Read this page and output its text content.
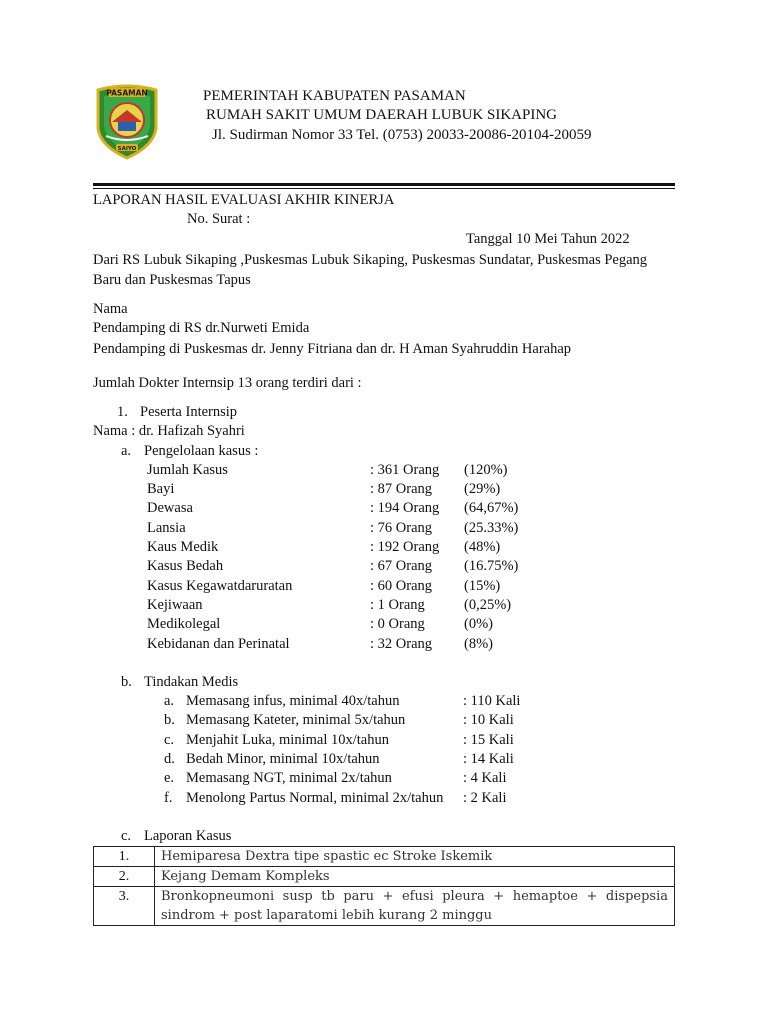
PASAMAN
SAIYO
PEMERINTAH KABUPATEN PASAMAN
RUMAH SAKIT UMUM DAERAH LUBUK SIKAPING
Jl. Sudirman Nomor 33 Tel. (0753) 20033-20086-20104-20059
LAPORAN HASIL EVALUASI AKHIR KINERJA
No. Surat :
Tanggal 10 Mei Tahun 2022
Dari RS Lubuk Sikaping ,Puskesmas Lubuk Sikaping, Puskesmas Sundatar, Puskesmas Pegang
Baru dan Puskesmas Tapus
Nama
Pendamping di RS dr.Nurweti Emida
Pendamping di Puskesmas dr. Jenny Fitriana dan dr. H Aman Syahruddin Harahap
Jumlah Dokter Internsip 13 orang terdiri dari :
1. Peserta Internsip
Nama : dr. Hafizah Syahri
a. Pengelolaan kasus :
Jumlah Kasus	: 361 Orang (120%)
Bayi	: 87 Orang (29%)
Dewasa	: 194 Orang (64,67%)
Lansia	: 76 Orang (25.33%)
Kaus Medik	: 192 Orang (48%)
Kasus Bedah	: 67 Orang (16.75%)
Kasus Kegawatdaruratan	: 60 Orang (15%)
Kejiwaan	: 1 Orang	(0,25%)
Medikolegal	: 0 Orang	(0%)
Kebidanan dan Perinatal	: 32 Orang (8%)
b. Tindakan Medis
a. Memasang infus, minimal 40x/tahun	: 110 Kali
b. Memasang Kateter, minimal 5x/tahun	: 10 Kali
c. Menjahit Luka, minimal 10x/tahun	: 15 Kali
d. Bedah Minor, minimal 10x/tahun	: 14 Kali
e. Memasang NGT, minimal 2x/tahun	: 4 Kali
f. Menolong Partus Normal, minimal 2x/tahun : 2 Kali
c. Laporan Kasus
1.	Hemiparesa Dextra tipe spastic ec Stroke Iskemik
2.	Kejang Demam Kompleks
3.	Bronkopneumoni susp tb paru + efusi pleura + hemaptoe + dispepsia sindrom + post laparatomi lebih kurang 2 minggu
